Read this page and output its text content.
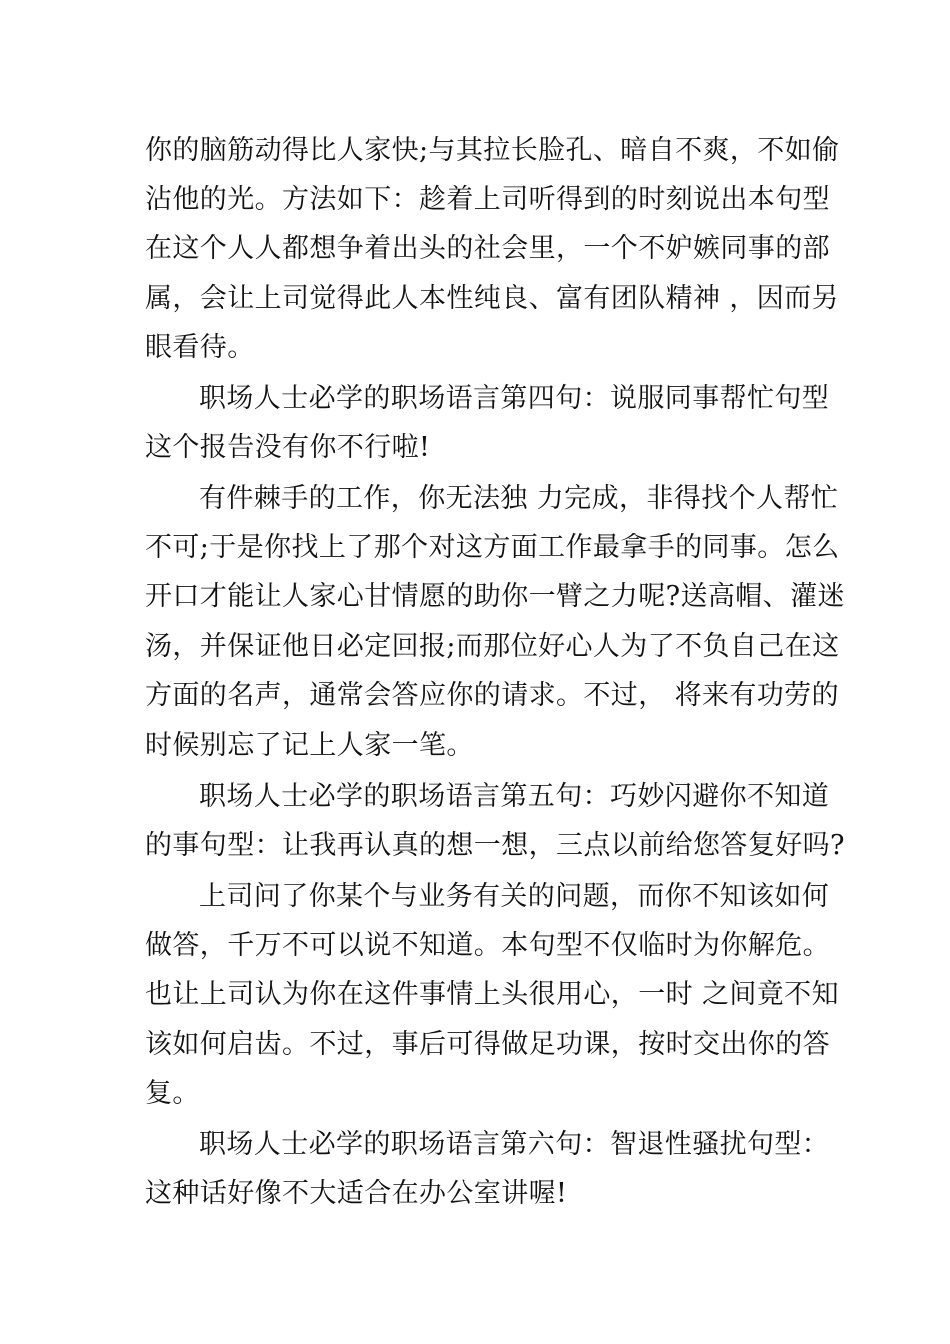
你的脑筋动得比人家快;与其拉长脸孔、暗自不爽，不如偷
沾他的光。方法如下：趁着上司听得到的时刻说出本句型
在这个人人都想争着出头的社会里，一个不妒嫉同事的部
属，会让上司觉得此人本性纯良、富有团队精神 ，因而另
眼看待。
职场人士必学的职场语言第四句：说服同事帮忙句型
这个报告没有你不行啦!
有件棘手的工作，你无法独 力完成，非得找个人帮忙
不可;于是你找上了那个对这方面工作最拿手的同事。怎么
开口才能让人家心甘情愿的助你一臂之力呢?送高帽、灌迷
汤，并保证他日必定回报;而那位好心人为了不负自己在这
方面的名声，通常会答应你的请求。不过， 将来有功劳的
时候别忘了记上人家一笔。
职场人士必学的职场语言第五句：巧妙闪避你不知道
的事句型：让我再认真的想一想，三点以前给您答复好吗?
上司问了你某个与业务有关的问题，而你不知该如何
做答，千万不可以说不知道。本句型不仅临时为你解危。
也让上司认为你在这件事情上头很用心，一时 之间竟不知
该如何启齿。不过，事后可得做足功课，按时交出你的答
复。
职场人士必学的职场语言第六句：智退性骚扰句型：
这种话好像不大适合在办公室讲喔!
